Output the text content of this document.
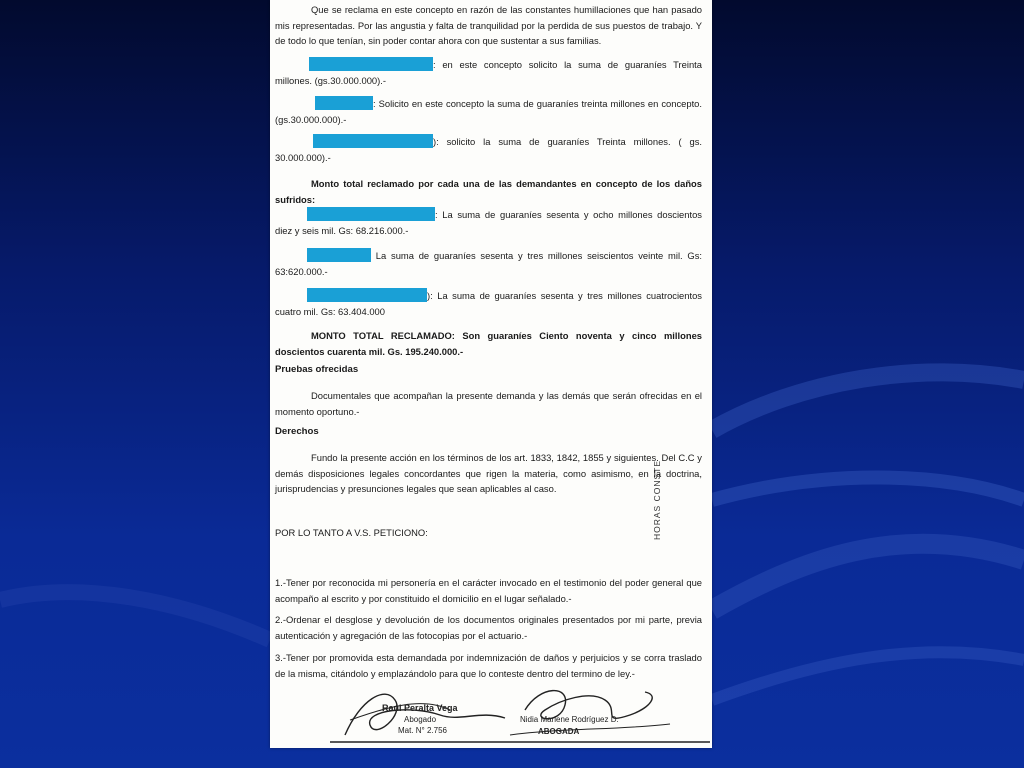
Que se reclama en este concepto en razón de las constantes humillaciones que han pasado mis representadas. Por las angustia y falta de tranquilidad por la perdida de sus puestos de trabajo. Y de todo lo que tenían, sin poder contar ahora con que sustentar a sus familias.
: en este concepto solicito la suma de guaraníes Treinta millones. (gs.30.000.000).-
: Solicito en este concepto la suma de guaraníes treinta millones en concepto. (gs.30.000.000).-
): solicito la suma de guaraníes Treinta millones. ( gs. 30.000.000).-
Monto total reclamado por cada una de las demandantes en concepto de los daños sufridos:
: La suma de guaraníes sesenta y ocho millones doscientos diez y seis mil. Gs: 68.216.000.-
La suma de guaraníes sesenta y tres millones seiscientos veinte mil. Gs: 63:620.000.-
): La suma de guaraníes sesenta y tres millones cuatrocientos cuatro mil. Gs: 63.404.000
MONTO TOTAL RECLAMADO: Son guaraníes Ciento noventa y cinco millones doscientos cuarenta mil. Gs. 195.240.000.-
Pruebas ofrecidas
Documentales que acompañan la presente demanda y las demás que serán ofrecidas en el momento oportuno.-
Derechos
Fundo la presente acción en los términos de los art. 1833, 1842, 1855 y siguientes. Del C.C y demás disposiciones legales concordantes que rigen la materia, como asimismo, en la doctrina, jurisprudencias y presunciones legales que sean aplicables al caso.
POR LO TANTO A V.S. PETICIONO:
1.-Tener por reconocida mi personería en el carácter invocado en el testimonio del poder general que acompaño al escrito y por constituido el domicilio en el lugar señalado.-
2.-Ordenar el desglose y devolución de los documentos originales presentados por mi parte, previa autenticación y agregación de las fotocopias por el actuario.-
3.-Tener por promovida esta demandada por indemnización de daños y perjuicios y se corra traslado de la misma, citándolo y emplazándolo para que lo conteste dentro del termino de ley.-
HORAS CONSTE
Raúl Peralta Vega
Abogado
Mat. N° 2.756
Nidia Marlene Rodríguez D.
ABOGADA
